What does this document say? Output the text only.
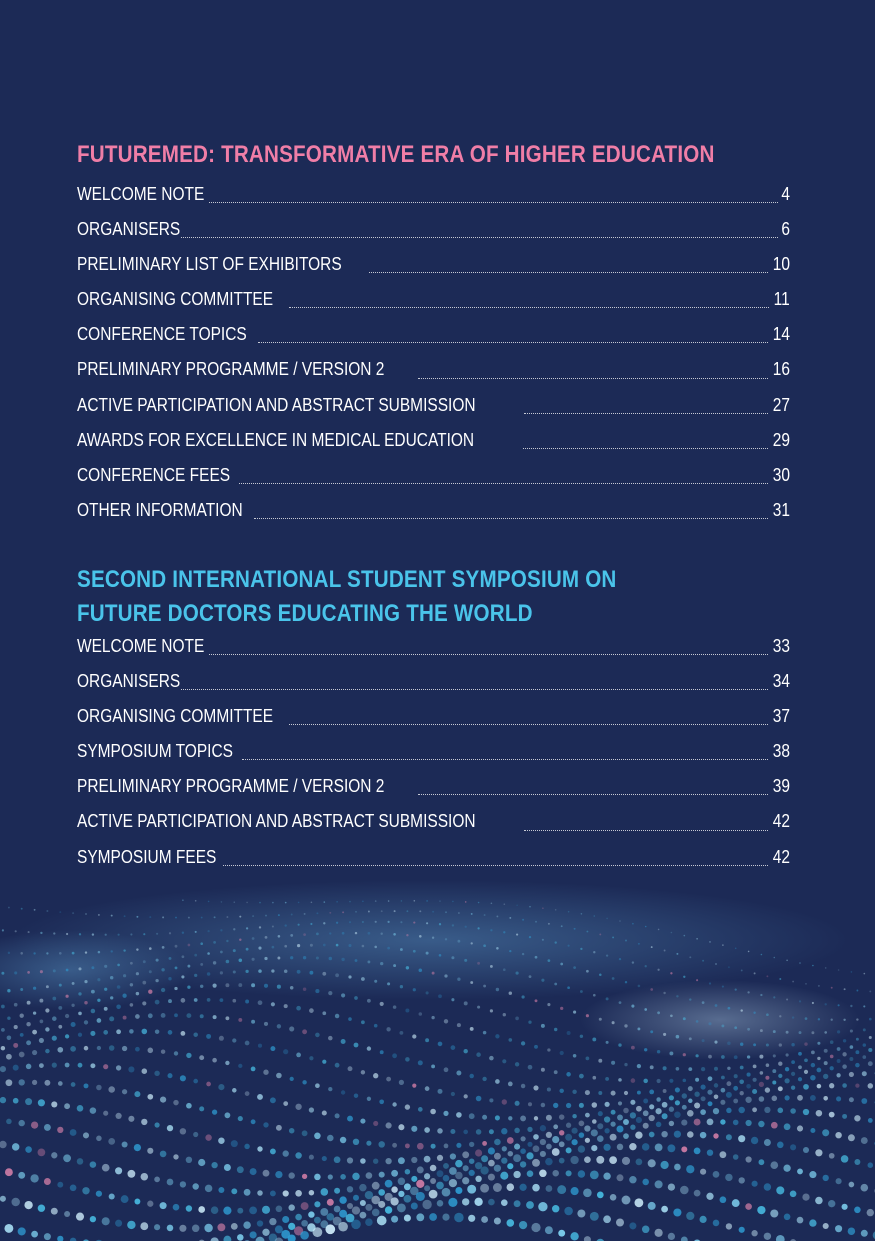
FUTUREMED: TRANSFORMATIVE ERA OF HIGHER EDUCATION
WELCOME NOTE	4
ORGANISERS	6
PRELIMINARY LIST OF EXHIBITORS	10
ORGANISING COMMITTEE	11
CONFERENCE TOPICS	14
PRELIMINARY PROGRAMME / VERSION 2	16
ACTIVE PARTICIPATION AND ABSTRACT SUBMISSION	27
AWARDS FOR EXCELLENCE IN MEDICAL EDUCATION	29
CONFERENCE FEES	30
OTHER INFORMATION	31
SECOND INTERNATIONAL STUDENT SYMPOSIUM ON
FUTURE DOCTORS EDUCATING THE WORLD
WELCOME NOTE	33
ORGANISERS	34
ORGANISING COMMITTEE	37
SYMPOSIUM TOPICS	38
PRELIMINARY PROGRAMME / VERSION 2	39
ACTIVE PARTICIPATION AND ABSTRACT SUBMISSION	42
SYMPOSIUM FEES	42
